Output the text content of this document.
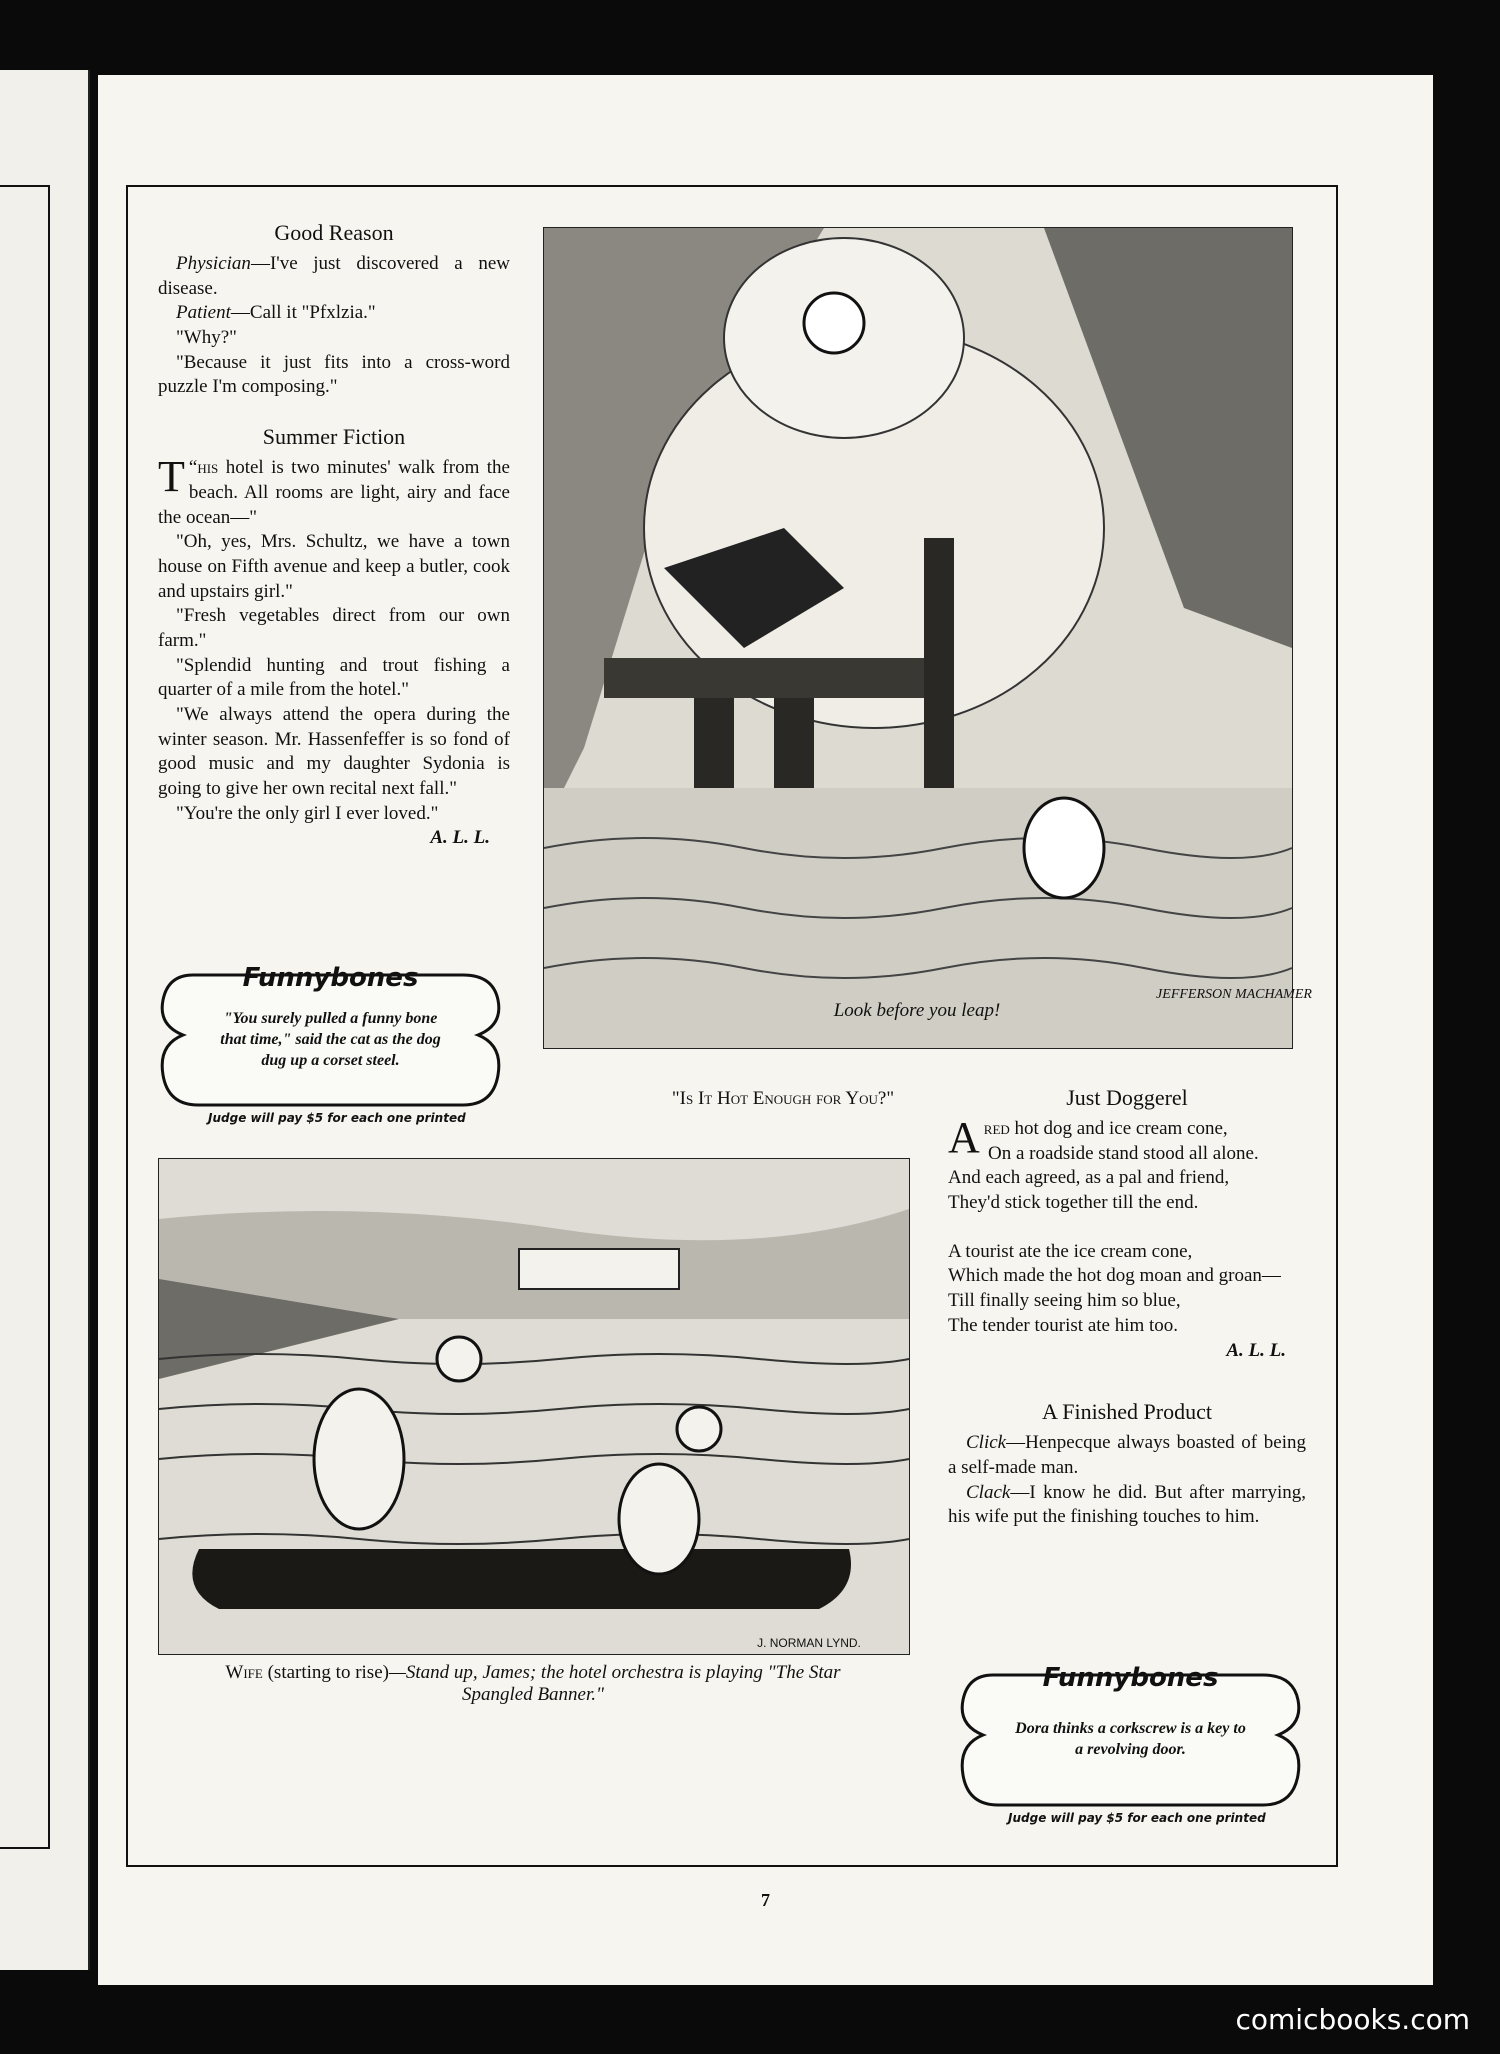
Good Reason

Physician—I've just discovered a new disease.

Patient—Call it "Pfxlzia."

"Why?"

"Because it just fits into a cross-word puzzle I'm composing."

Summer Fiction

“
T his hotel is two minutes' walk from the beach. All rooms are light, airy and face the ocean—"

"Oh, yes, Mrs. Schultz, we have a town house on Fifth avenue and keep a butler, cook and upstairs girl."

"Fresh vegetables direct from our own farm."

"Splendid hunting and trout fishing a quarter of a mile from the hotel."

"We always attend the opera during the winter season. Mr. Hassenfeffer is so fond of good music and my daughter Sydonia is going to give her own recital next fall."

"You're the only girl I ever loved."

A. L. L.
JEFFERSON MACHAMER
Look before you leap!
Funnybones
"You surely pulled a funny bone that time," said the cat as the dog dug up a corset steel.
Judge will pay $5 for each one printed
"Is It Hot Enough for You?"
J. NORMAN LYND.
Wife (starting to rise)—Stand up, James; the hotel orchestra is playing "The Star Spangled Banner."
Just Doggerel
Ared hot dog and ice cream cone,
On a roadside stand stood all alone.
And each agreed, as a pal and friend,
They'd stick together till the end.
A tourist ate the ice cream cone,
Which made the hot dog moan and groan—
Till finally seeing him so blue,
The tender tourist ate him too.
A. L. L.
A Finished Product

Click—Henpecque always boasted of being a self-made man.

Clack—I know he did. But after marrying, his wife put the finishing touches to him.

Funnybones
Dora thinks a corkscrew is a key to a revolving door.
Judge will pay $5 for each one printed
7
comicbooks.com
